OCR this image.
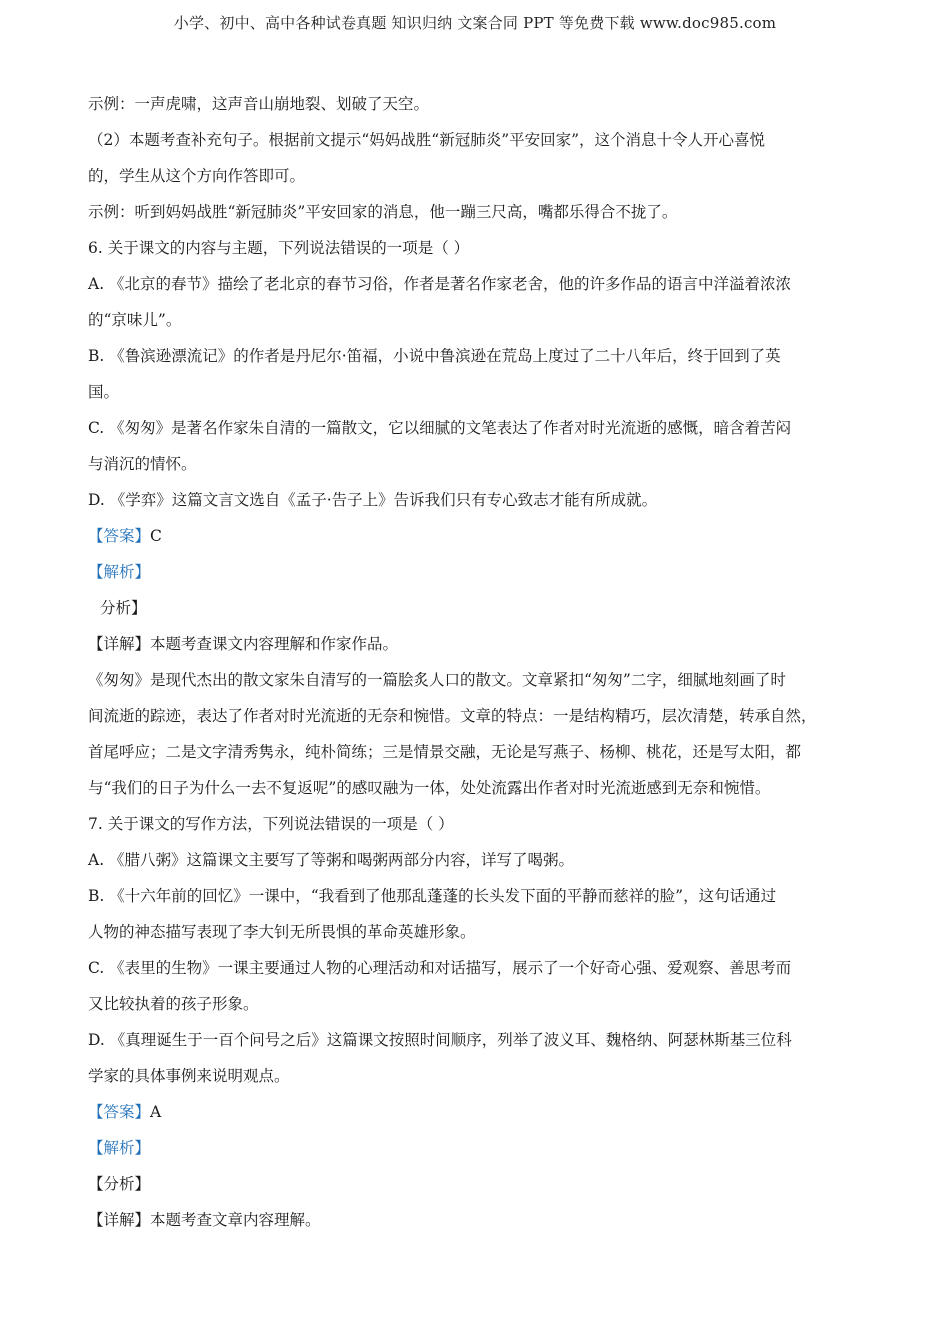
小学、初中、高中各种试卷真题 知识归纳 文案合同 PPT 等免费下载 www.doc985.com
示例：一声虎啸，这声音山崩地裂、划破了天空。
（2）本题考查补充句子。根据前文提示“妈妈战胜“新冠肺炎”平安回家”，这个消息十令人开心喜悦
的，学生从这个方向作答即可。
示例：听到妈妈战胜“新冠肺炎”平安回家的消息，他一蹦三尺高，嘴都乐得合不拢了。
6. 关于课文的内容与主题，下列说法错误的一项是（ ）
A. 《北京的春节》描绘了老北京的春节习俗，作者是著名作家老舍，他的许多作品的语言中洋溢着浓浓
的“京味儿”。
B. 《鲁滨逊漂流记》的作者是丹尼尔·笛福，小说中鲁滨逊在荒岛上度过了二十八年后，终于回到了英
国。
C. 《匆匆》是著名作家朱自清的一篇散文，它以细腻的文笔表达了作者对时光流逝的感慨，暗含着苦闷
与消沉的情怀。
D. 《学弈》这篇文言文选自《孟子·告子上》告诉我们只有专心致志才能有所成就。
【答案】C
【解析】
分析】
【详解】本题考查课文内容理解和作家作品。
《匆匆》是现代杰出的散文家朱自清写的一篇脍炙人口的散文。文章紧扣“匆匆”二字，细腻地刻画了时
间流逝的踪迹，表达了作者对时光流逝的无奈和惋惜。文章的特点：一是结构精巧，层次清楚，转承自然，
首尾呼应；二是文字清秀隽永，纯朴简练；三是情景交融，无论是写燕子、杨柳、桃花，还是写太阳，都
与“我们的日子为什么一去不复返呢”的感叹融为一体，处处流露出作者对时光流逝感到无奈和惋惜。
7. 关于课文的写作方法，下列说法错误的一项是（ ）
A. 《腊八粥》这篇课文主要写了等粥和喝粥两部分内容，详写了喝粥。
B. 《十六年前的回忆》一课中，“我看到了他那乱蓬蓬的长头发下面的平静而慈祥的脸”，这句话通过
人物的神态描写表现了李大钊无所畏惧的革命英雄形象。
C. 《表里的生物》一课主要通过人物的心理活动和对话描写，展示了一个好奇心强、爱观察、善思考而
又比较执着的孩子形象。
D. 《真理诞生于一百个问号之后》这篇课文按照时间顺序，列举了波义耳、魏格纳、阿瑟林斯基三位科
学家的具体事例来说明观点。
【答案】A
【解析】
【分析】
【详解】本题考查文章内容理解。
